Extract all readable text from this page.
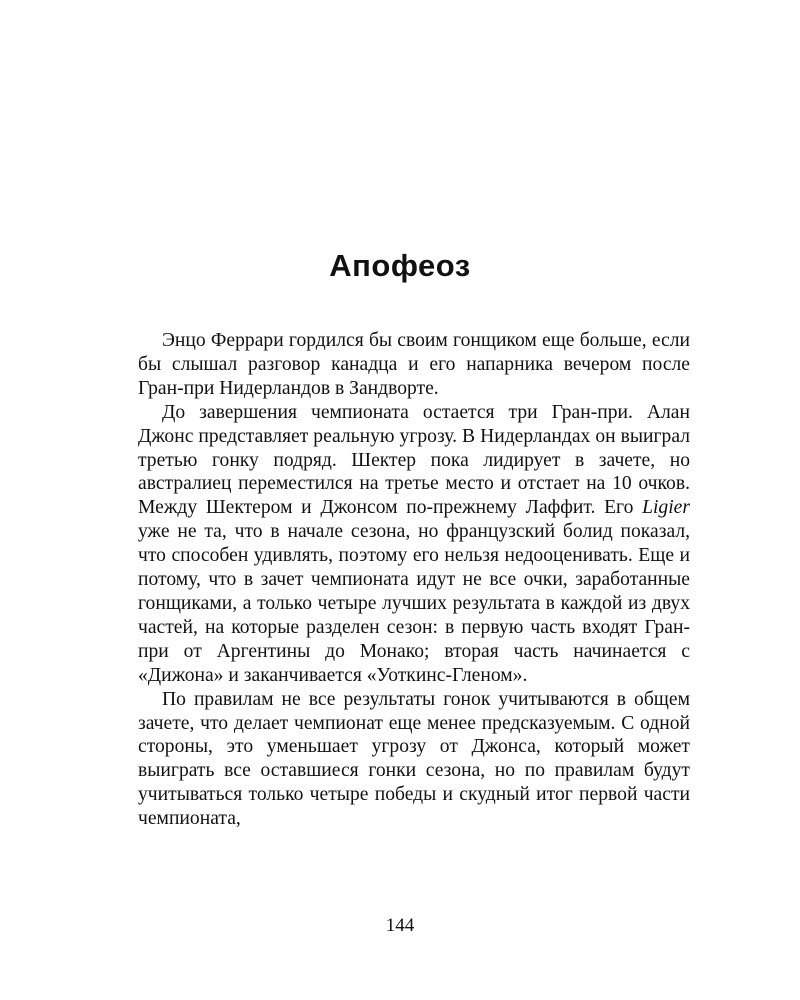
Апофеоз

Энцо Феррари гордился бы своим гонщиком еще больше, если бы слышал разговор канадца и его напарника вечером после Гран-при Нидерландов в Зандворте.

До завершения чемпионата остается три Гран-при. Алан Джонс представляет реальную угрозу. В Нидерландах он выиграл третью гонку подряд. Шектер пока лидирует в зачете, но австралиец переместился на третье место и отстает на 10 очков. Между Шектером и Джонсом по-прежнему Лаффит. Его Ligier уже не та, что в начале сезона, но французский болид показал, что способен удивлять, поэтому его нельзя недооценивать. Еще и потому, что в зачет чемпионата идут не все очки, заработанные гонщиками, а только четыре лучших результата в каждой из двух частей, на которые разделен сезон: в первую часть входят Гран-при от Аргентины до Монако; вторая часть начинается с «Дижона» и заканчивается «Уоткинс-Гленом».

По правилам не все результаты гонок учитываются в общем зачете, что делает чемпионат еще менее предсказуемым. С одной стороны, это уменьшает угрозу от Джонса, который может выиграть все оставшиеся гонки сезона, но по правилам будут учитываться только четыре победы и скудный итог первой части чемпионата,

144
